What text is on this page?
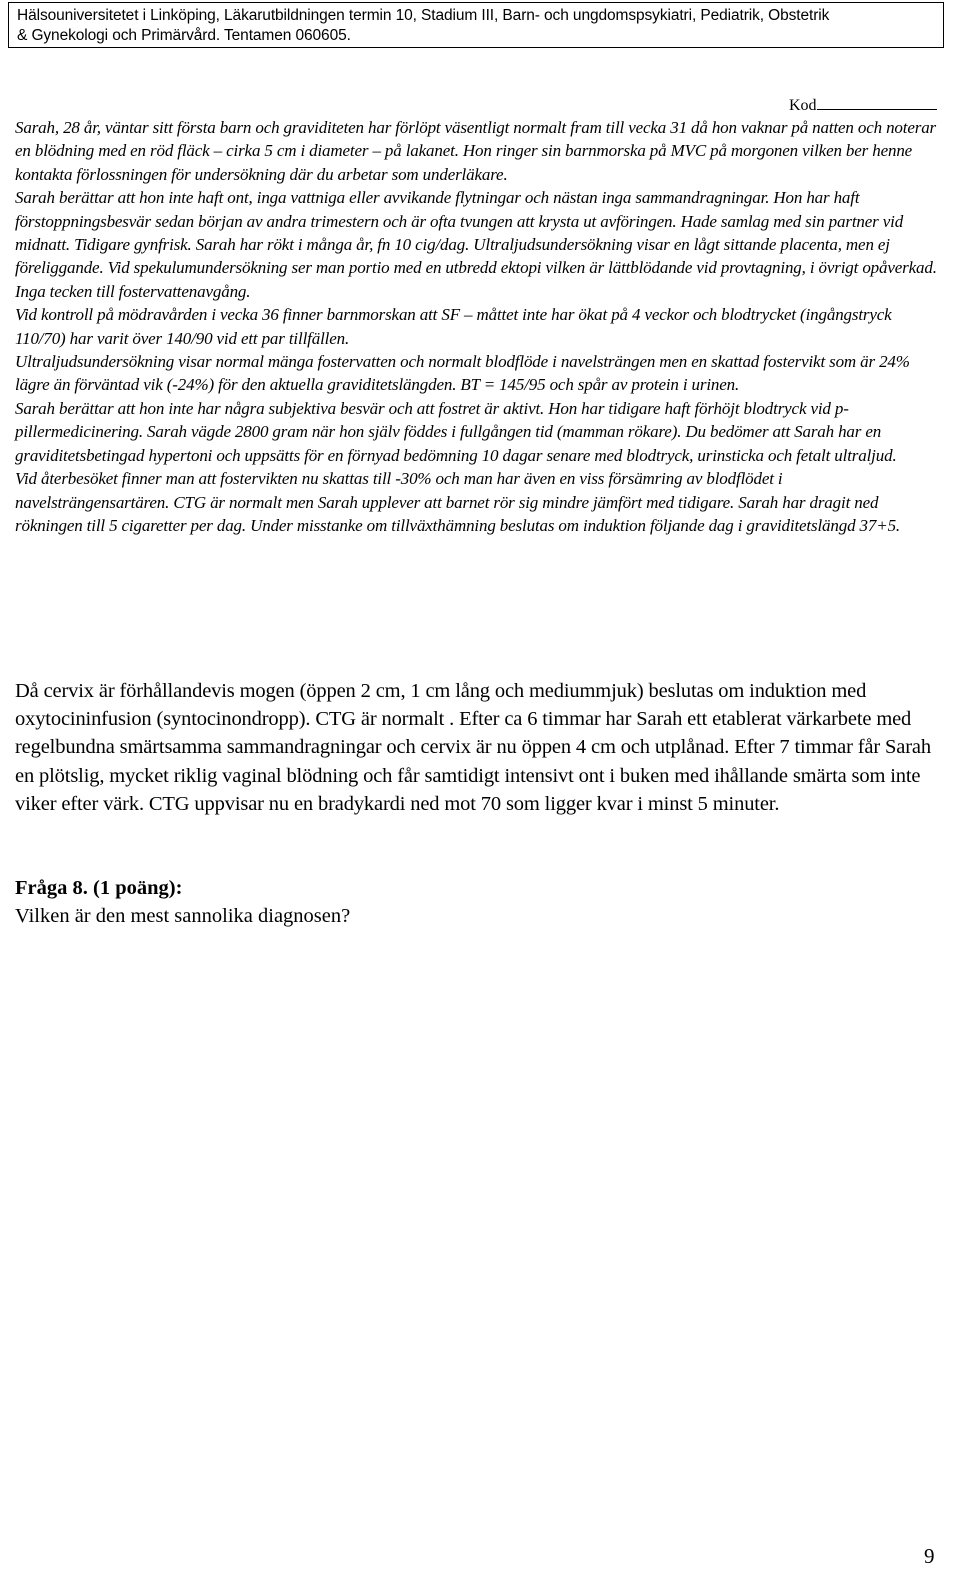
Hälsouniversitetet i Linköping, Läkarutbildningen termin 10, Stadium III, Barn- och ungdomspsykiatri, Pediatrik, Obstetrik
& Gynekologi och Primärvård. Tentamen 060605.
Kod

Sarah, 28 år, väntar sitt första barn och graviditeten har förlöpt väsentligt normalt fram till vecka 31 då hon vaknar på natten och noterar en blödning med en röd fläck – cirka 5 cm i diameter – på lakanet. Hon ringer sin barnmorska på MVC på morgonen vilken ber henne kontakta förlossningen för undersökning där du arbetar som underläkare.

Sarah berättar att hon inte haft ont, inga vattniga eller avvikande flytningar och nästan inga sammandragningar. Hon har haft förstoppningsbesvär sedan början av andra trimestern och är ofta tvungen att krysta ut avföringen. Hade samlag med sin partner vid midnatt. Tidigare gynfrisk. Sarah har rökt i många år, fn 10 cig/dag. Ultraljudsundersökning visar en lågt sittande placenta, men ej föreliggande. Vid spekulumundersökning ser man portio med en utbredd ektopi vilken är lättblödande vid provtagning, i övrigt opåverkad. Inga tecken till fostervattenavgång.

Vid kontroll på mödravården i vecka 36 finner barnmorskan att SF – måttet inte har ökat på 4 veckor och blodtrycket (ingångstryck 110/70) har varit över 140/90 vid ett par tillfällen.

Ultraljudsundersökning visar normal mänga fostervatten och normalt blodflöde i navelsträngen men en skattad fostervikt som är 24% lägre än förväntad vik (-24%) för den aktuella graviditetslängden. BT = 145/95 och spår av protein i urinen.

Sarah berättar att hon inte har några subjektiva besvär och att fostret är aktivt. Hon har tidigare haft förhöjt blodtryck vid p-pillermedicinering. Sarah vägde 2800 gram när hon själv föddes i fullgången tid (mamman rökare). Du bedömer att Sarah har en graviditetsbetingad hypertoni och uppsätts för en förnyad bedömning 10 dagar senare med blodtryck, urinsticka och fetalt ultraljud.

Vid återbesöket finner man att fostervikten nu skattas till -30% och man har även en viss försämring av blodflödet i navelsträngensartären. CTG är normalt men Sarah upplever att barnet rör sig mindre jämfört med tidigare. Sarah har dragit ned rökningen till 5 cigaretter per dag. Under misstanke om tillväxthämning beslutas om induktion följande dag i graviditetslängd 37+5.

Då cervix är förhållandevis mogen (öppen 2 cm, 1 cm lång och mediummjuk) beslutas om induktion med oxytocininfusion (syntocinondropp). CTG är normalt . Efter ca 6 timmar har Sarah ett etablerat värkarbete med regelbundna smärtsamma sammandragningar och cervix är nu öppen 4 cm och utplånad. Efter 7 timmar får Sarah en plötslig, mycket riklig vaginal blödning och får samtidigt intensivt ont i buken med ihållande smärta som inte viker efter värk. CTG uppvisar nu en bradykardi ned mot 70 som ligger kvar i minst 5 minuter.

Fråga 8. (1 poäng):
Vilken är den mest sannolika diagnosen?
9
